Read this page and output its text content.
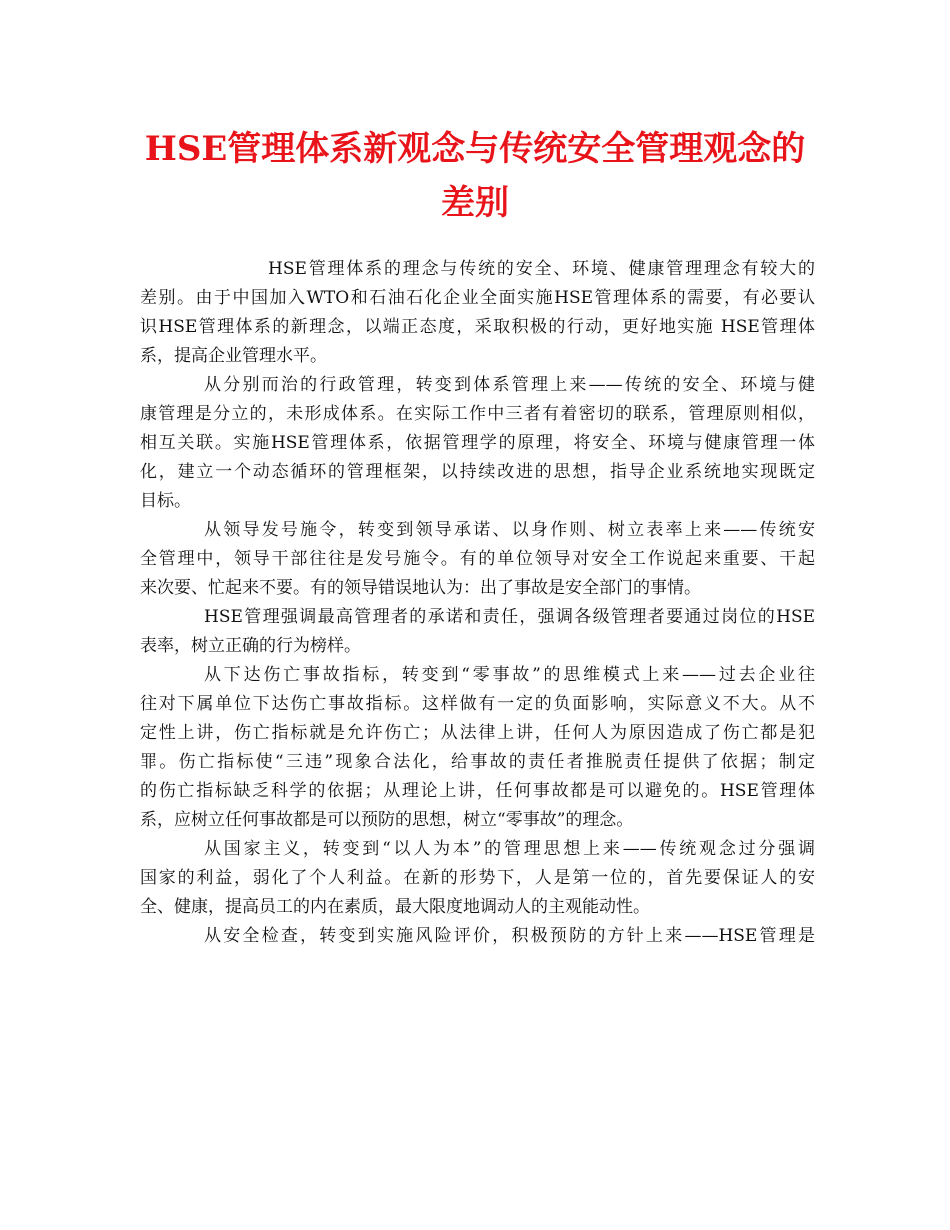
HSE管理体系新观念与传统安全管理观念的
差别
HSE管理体系的理念与传统的安全、环境、健康管理理念有较大的
差别。由于中国加入WTO和石油石化企业全面实施HSE管理体系的需要，有必要认
识HSE管理体系的新理念，以端正态度，采取积极的行动，更好地实施 HSE管理体
系，提高企业管理水平。
从分别而治的行政管理，转变到体系管理上来——传统的安全、环境与健
康管理是分立的，未形成体系。在实际工作中三者有着密切的联系，管理原则相似，
相互关联。实施HSE管理体系，依据管理学的原理，将安全、环境与健康管理一体
化，建立一个动态循环的管理框架，以持续改进的思想，指导企业系统地实现既定
目标。
从领导发号施令，转变到领导承诺、以身作则、树立表率上来——传统安
全管理中，领导干部往往是发号施令。有的单位领导对安全工作说起来重要、干起
来次要、忙起来不要。有的领导错误地认为：出了事故是安全部门的事情。
HSE管理强调最高管理者的承诺和责任，强调各级管理者要通过岗位的HSE
表率，树立正确的行为榜样。
从下达伤亡事故指标，转变到“零事故”的思维模式上来——过去企业往
往对下属单位下达伤亡事故指标。这样做有一定的负面影响，实际意义不大。从不
定性上讲，伤亡指标就是允许伤亡；从法律上讲，任何人为原因造成了伤亡都是犯
罪。伤亡指标使“三违”现象合法化，给事故的责任者推脱责任提供了依据；制定
的伤亡指标缺乏科学的依据；从理论上讲，任何事故都是可以避免的。HSE管理体
系，应树立任何事故都是可以预防的思想，树立“零事故”的理念。
从国家主义，转变到“以人为本”的管理思想上来——传统观念过分强调
国家的利益，弱化了个人利益。在新的形势下，人是第一位的，首先要保证人的安
全、健康，提高员工的内在素质，最大限度地调动人的主观能动性。
从安全检查，转变到实施风险评价，积极预防的方针上来——HSE管理是
